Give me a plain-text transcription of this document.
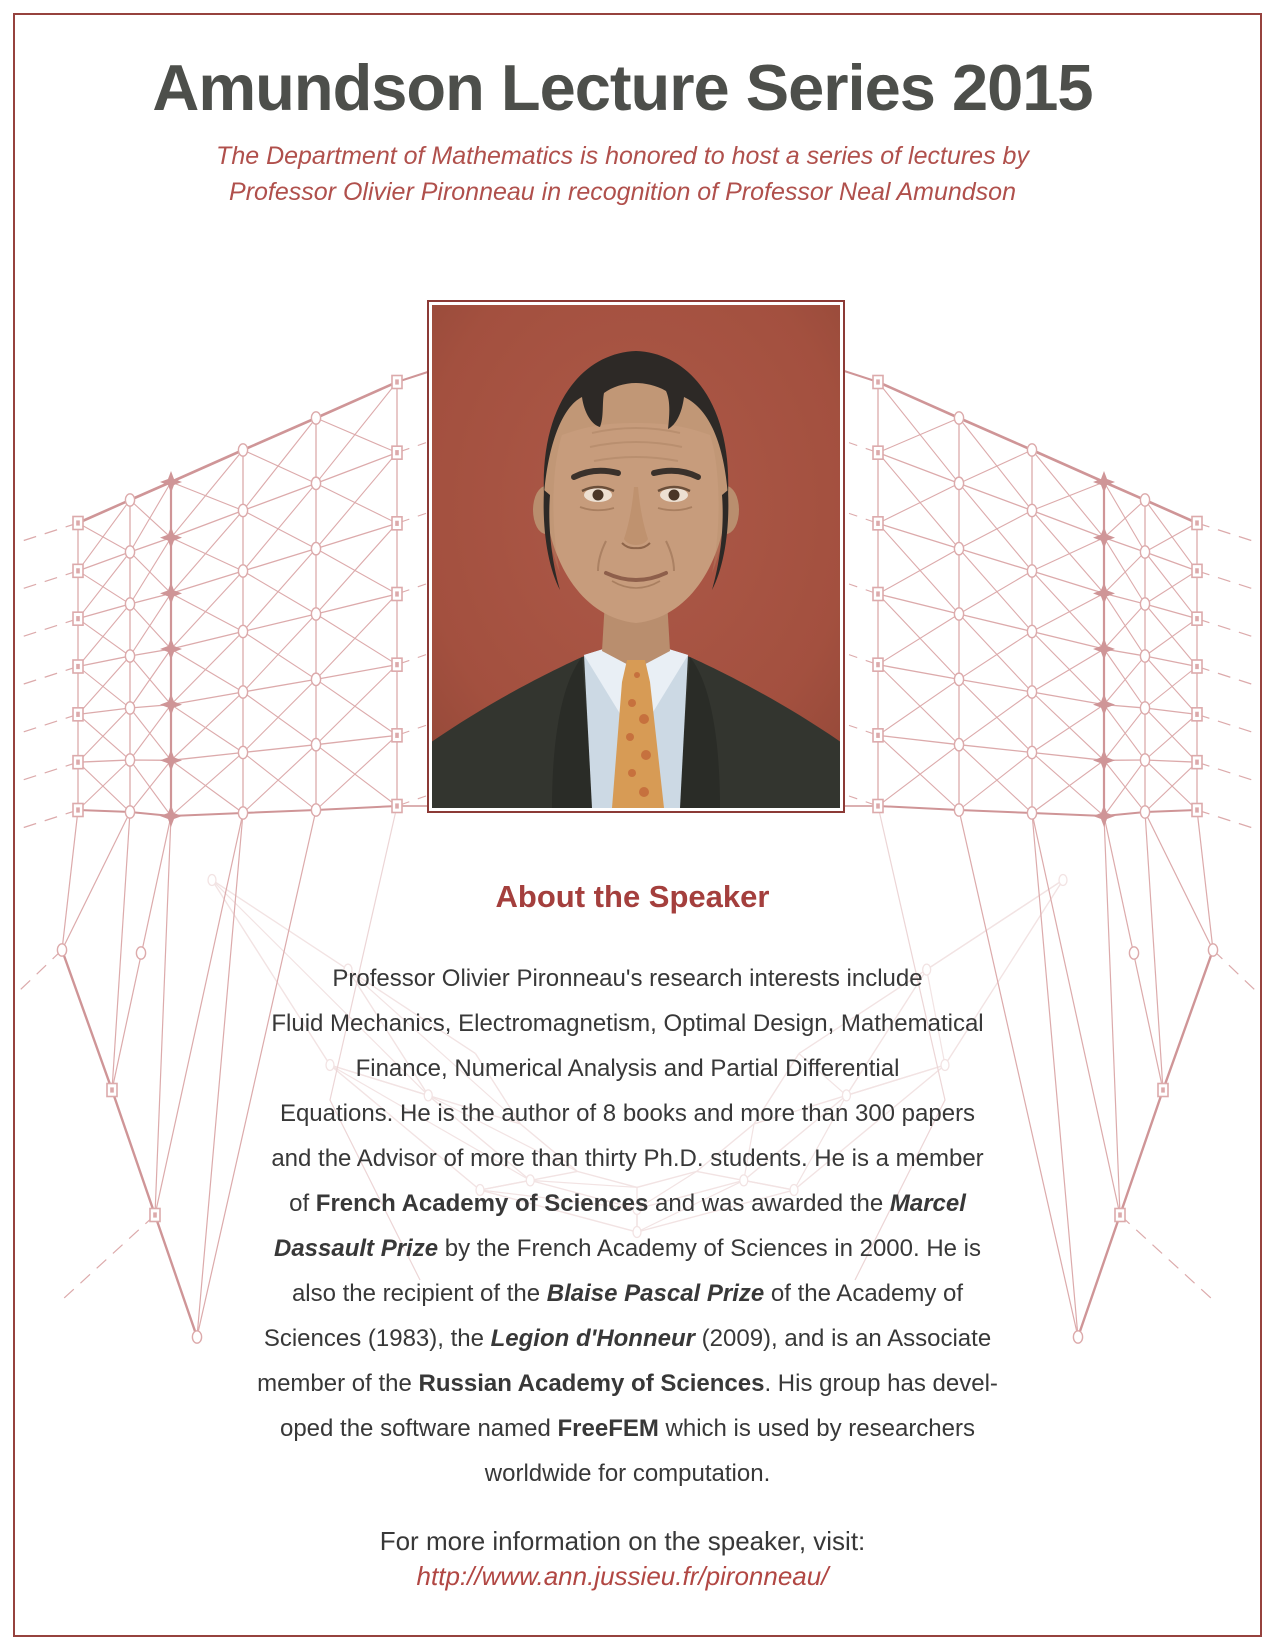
Amundson Lecture Series 2015
The Department of Mathematics is honored to host a series of lectures by
Professor Olivier Pironneau in recognition of Professor Neal Amundson
About the Speaker
Professor Olivier Pironneau's research interests include
Fluid Mechanics, Electromagnetism, Optimal Design, Mathematical
Finance, Numerical Analysis and Partial Differential
Equations. He is the author of 8 books and more than 300 papers
and the Advisor of more than thirty Ph.D. students. He is a member
of French Academy of Sciences and was awarded the Marcel
Dassault Prize by the French Academy of Sciences in 2000. He is
also the recipient of the Blaise Pascal Prize of the Academy of
Sciences (1983), the Legion d'Honneur (2009), and is an Associate
member of the Russian Academy of Sciences. His group has devel-
oped the software named FreeFEM which is used by researchers
worldwide for computation.
For more information on the speaker, visit:
http://www.ann.jussieu.fr/pironneau/
